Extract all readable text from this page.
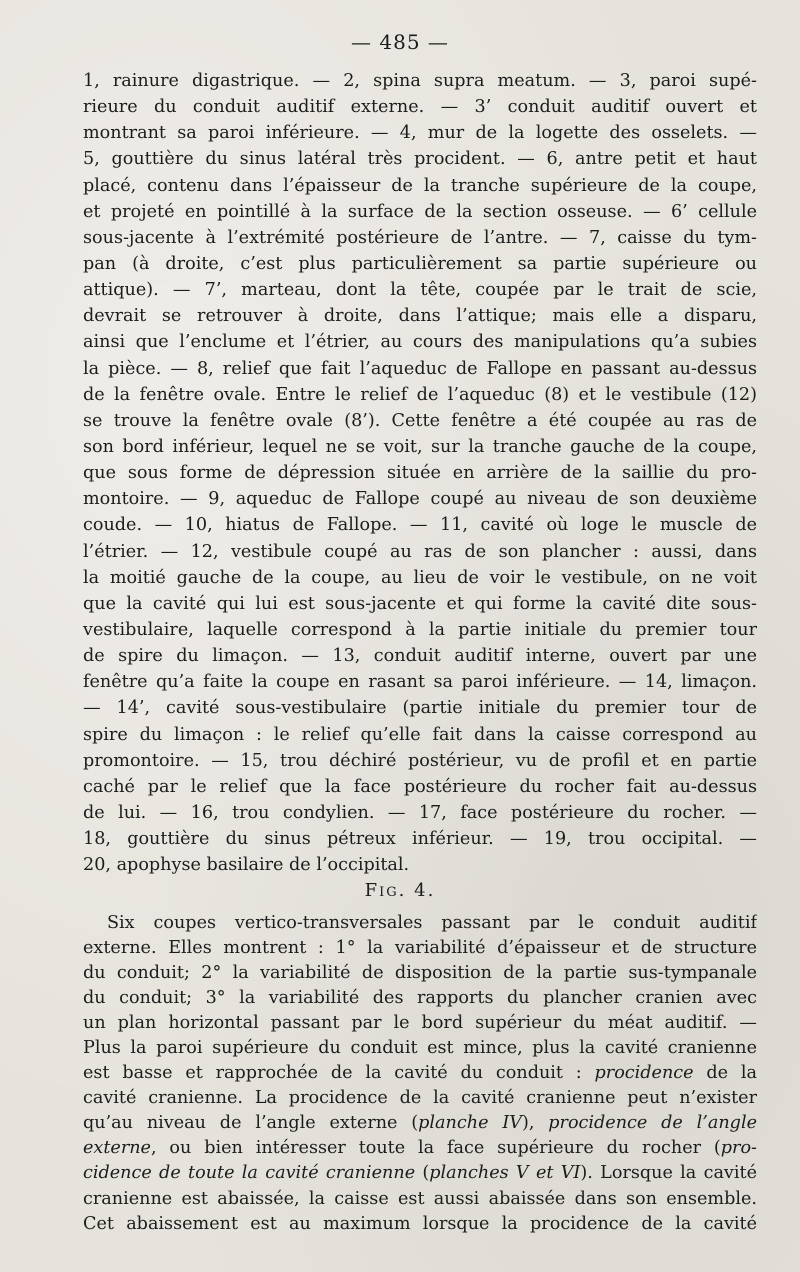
— 485 —
1, rainure digastrique. — 2, spina supra meatum. — 3, paroi supé-
rieure du conduit auditif externe. — 3’ conduit auditif ouvert et
montrant sa paroi inférieure. — 4, mur de la logette des osselets. —
5, gouttière du sinus latéral très procident. — 6, antre petit et haut
placé, contenu dans l’épaisseur de la tranche supérieure de la coupe,
et projeté en pointillé à la surface de la section osseuse. — 6’ cellule
sous-jacente à l’extrémité postérieure de l’antre. — 7, caisse du tym-
pan (à droite, c’est plus particulièrement sa partie supérieure ou
attique). — 7’, marteau, dont la tête, coupée par le trait de scie,
devrait se retrouver à droite, dans l’attique; mais elle a disparu,
ainsi que l’enclume et l’étrier, au cours des manipulations qu’a subies
la pièce. — 8, relief que fait l’aqueduc de Fallope en passant au-dessus
de la fenêtre ovale. Entre le relief de l’aqueduc (8) et le vestibule (12)
se trouve la fenêtre ovale (8’). Cette fenêtre a été coupée au ras de
son bord inférieur, lequel ne se voit, sur la tranche gauche de la coupe,
que sous forme de dépression située en arrière de la saillie du pro-
montoire. — 9, aqueduc de Fallope coupé au niveau de son deuxième
coude. — 10, hiatus de Fallope. — 11, cavité où loge le muscle de
l’étrier. — 12, vestibule coupé au ras de son plancher : aussi, dans
la moitié gauche de la coupe, au lieu de voir le vestibule, on ne voit
que la cavité qui lui est sous-jacente et qui forme la cavité dite sous-
vestibulaire, laquelle correspond à la partie initiale du premier tour
de spire du limaçon. — 13, conduit auditif interne, ouvert par une
fenêtre qu’a faite la coupe en rasant sa paroi inférieure. — 14, limaçon.
— 14’, cavité sous-vestibulaire (partie initiale du premier tour de
spire du limaçon : le relief qu’elle fait dans la caisse correspond au
promontoire. — 15, trou déchiré postérieur, vu de profil et en partie
caché par le relief que la face postérieure du rocher fait au-dessus
de lui. — 16, trou condylien. — 17, face postérieure du rocher. —
18, gouttière du sinus pétreux inférieur. — 19, trou occipital. —
20, apophyse basilaire de l’occipital.
Fig. 4.
Six coupes vertico-transversales passant par le conduit auditif
externe. Elles montrent : 1° la variabilité d’épaisseur et de structure
du conduit; 2° la variabilité de disposition de la partie sus-tympanale
du conduit; 3° la variabilité des rapports du plancher cranien avec
un plan horizontal passant par le bord supérieur du méat auditif. —
Plus la paroi supérieure du conduit est mince, plus la cavité cranienne
est basse et rapprochée de la cavité du conduit : procidence de la
cavité cranienne. La procidence de la cavité cranienne peut n’exister
qu’au niveau de l’angle externe (planche IV), procidence de l’angle
externe, ou bien intéresser toute la face supérieure du rocher (pro-
cidence de toute la cavité cranienne (planches V et VI). Lorsque la cavité
cranienne est abaissée, la caisse est aussi abaissée dans son ensemble.
Cet abaissement est au maximum lorsque la procidence de la cavité
